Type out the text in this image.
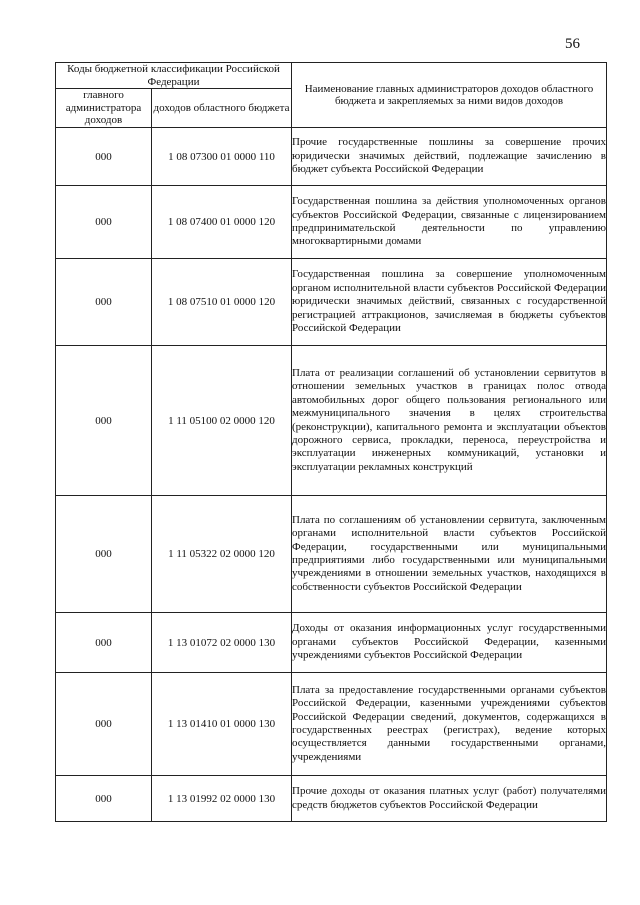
56
Коды бюджетной классификации Российской Федерации		Наименование главных администраторов доходов областного бюджета и закрепляемых за ними видов доходов
главного администратора доходов	доходов областного бюджета	
000	1 08 07300 01 0000 110	Прочие государственные пошлины за совершение прочих юридически значимых действий, подлежащие зачислению в бюджет субъекта Российской Федерации
000	1 08 07400 01 0000 120	Государственная пошлина за действия уполномоченных органов субъектов Российской Федерации, связанные с лицензированием предпринимательской деятельности по управлению многоквартирными домами
000	1 08 07510 01 0000 120	Государственная пошлина за совершение уполномоченным органом исполнительной власти субъектов Российской Федерации юридически значимых действий, связанных с государственной регистрацией аттракционов, зачисляемая в бюджеты субъектов Российской Федерации
000	1 11 05100 02 0000 120	Плата от реализации соглашений об установлении сервитутов в отношении земельных участков в границах полос отвода автомобильных дорог общего пользования регионального или межмуниципального значения в целях строительства (реконструкции), капитального ремонта и эксплуатации объектов дорожного сервиса, прокладки, переноса, переустройства и эксплуатации инженерных коммуникаций, установки и эксплуатации рекламных конструкций
000	1 11 05322 02 0000 120	Плата по соглашениям об установлении сервитута, заключенным органами исполнительной власти субъектов Российской Федерации, государственными или муниципальными предприятиями либо государственными или муниципальными учреждениями в отношении земельных участков, находящихся в собственности субъектов Российской Федерации
000	1 13 01072 02 0000 130	Доходы от оказания информационных услуг государственными органами субъектов Российской Федерации, казенными учреждениями субъектов Российской Федерации
000	1 13 01410 01 0000 130	Плата за предоставление государственными органами субъектов Российской Федерации, казенными учреждениями субъектов Российской Федерации сведений, документов, содержащихся в государственных реестрах (регистрах), ведение которых осуществляется данными государственными органами, учреждениями
000	1 13 01992 02 0000 130	Прочие доходы от оказания платных услуг (работ) получателями средств бюджетов субъектов Российской Федерации
